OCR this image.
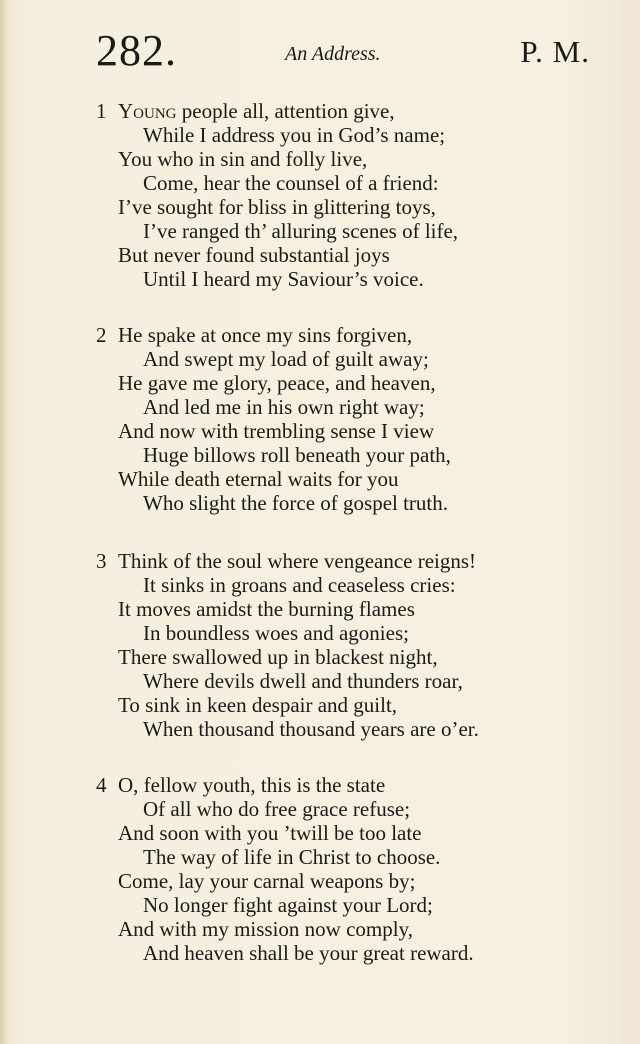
282.	An Address.	P. M.
1 Young people all, attention give,
While I address you in God’s name;
You who in sin and folly live,
Come, hear the counsel of a friend:
I’ve sought for bliss in glittering toys,
I’ve ranged th’ alluring scenes of life,
But never found substantial joys
Until I heard my Saviour’s voice.
2 He spake at once my sins forgiven,
And swept my load of guilt away;
He gave me glory, peace, and heaven,
And led me in his own right way;
And now with trembling sense I view
Huge billows roll beneath your path,
While death eternal waits for you
Who slight the force of gospel truth.
3 Think of the soul where vengeance reigns!
It sinks in groans and ceaseless cries:
It moves amidst the burning flames
In boundless woes and agonies;
There swallowed up in blackest night,
Where devils dwell and thunders roar,
To sink in keen despair and guilt,
When thousand thousand years are o’er.
4 O, fellow youth, this is the state
Of all who do free grace refuse;
And soon with you ’twill be too late
The way of life in Christ to choose.
Come, lay your carnal weapons by;
No longer fight against your Lord;
And with my mission now comply,
And heaven shall be your great reward.
